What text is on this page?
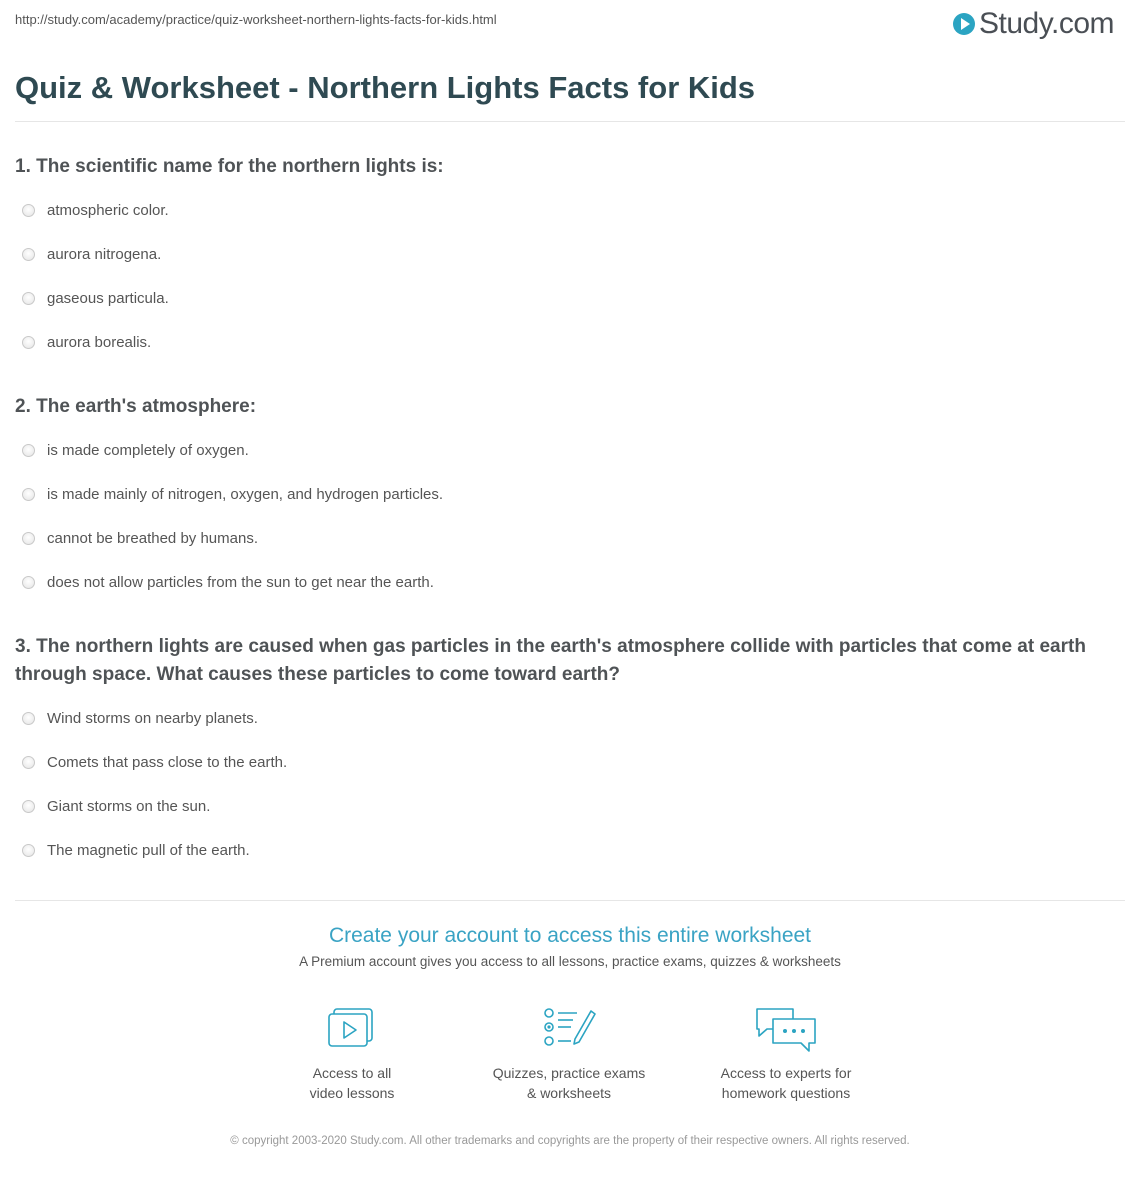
http://study.com/academy/practice/quiz-worksheet-northern-lights-facts-for-kids.html	Study.com
Quiz & Worksheet - Northern Lights Facts for Kids
1. The scientific name for the northern lights is:
atmospheric color.
aurora nitrogena.
gaseous particula.
aurora borealis.
2. The earth's atmosphere:
is made completely of oxygen.
is made mainly of nitrogen, oxygen, and hydrogen particles.
cannot be breathed by humans.
does not allow particles from the sun to get near the earth.
3. The northern lights are caused when gas particles in the earth's atmosphere collide with particles that come at earth through space. What causes these particles to come toward earth?
Wind storms on nearby planets.
Comets that pass close to the earth.
Giant storms on the sun.
The magnetic pull of the earth.
Create your account to access this entire worksheet
A Premium account gives you access to all lessons, practice exams, quizzes & worksheets
Access to all
video lessons
Quizzes, practice exams
& worksheets
Access to experts for
homework questions
© copyright 2003-2020 Study.com. All other trademarks and copyrights are the property of their respective owners. All rights reserved.
